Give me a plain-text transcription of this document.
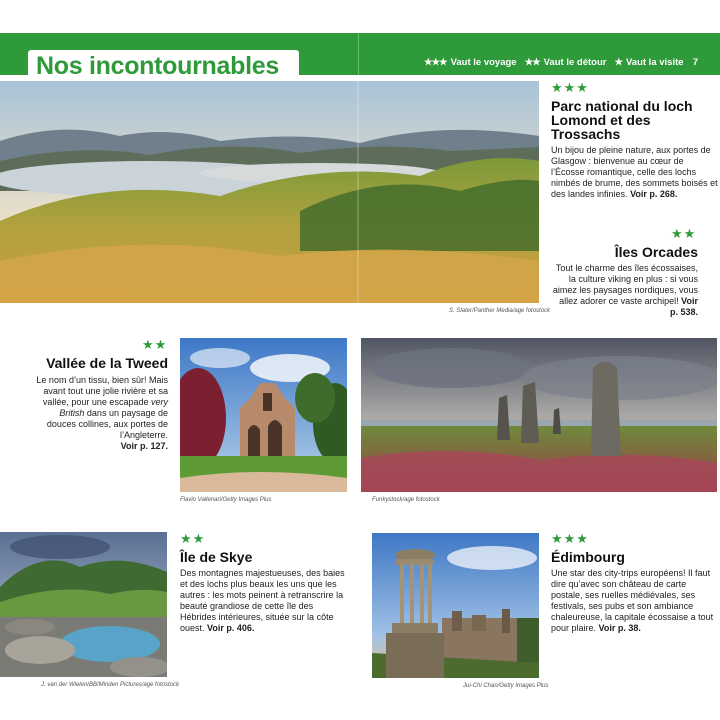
Nos incontournables	★★★ Vaut le voyage ★★ Vaut le détour ★ Vaut la visite 7
S. Slater/Panther Media/age fotostock
★★★
Parc national du loch Lomond et des Trossachs
Un bijou de pleine nature, aux portes de Glasgow : bienvenue au cœur de l’Écosse romantique, celle des lochs nimbés de brume, des sommets boisés et des landes infinies. Voir p. 268.
★★
Îles Orcades
Tout le charme des îles écossaises, la culture viking en plus : si vous aimez les paysages nordiques, vous allez adorer ce vaste archipel! Voir p. 538.
★★
Vallée de la Tweed
Le nom d’un tissu, bien sûr! Mais avant tout une jolie rivière et sa vallée, pour une escapade very British dans un paysage de douces collines, aux portes de l’Angleterre.
Voir p. 127.
Flavio Vallenari/Getty Images Plus	Funkystock/age fotostock
J. van der Wielen/BB/Minden Pictures/age fotostock
★★
Île de Skye
Des montagnes majestueuses, des baies et des lochs plus beaux les uns que les autres : les mots peinent à retranscrire la beauté grandiose de cette île des Hébrides intérieures, située sur la côte ouest. Voir p. 406.
Jui-Chi Chan/Getty Images Plus
★★★
Édimbourg
Une star des city-trips européens! Il faut dire qu’avec son château de carte postale, ses ruelles médiévales, ses festivals, ses pubs et son ambiance chaleureuse, la capitale écossaise a tout pour plaire. Voir p. 38.
